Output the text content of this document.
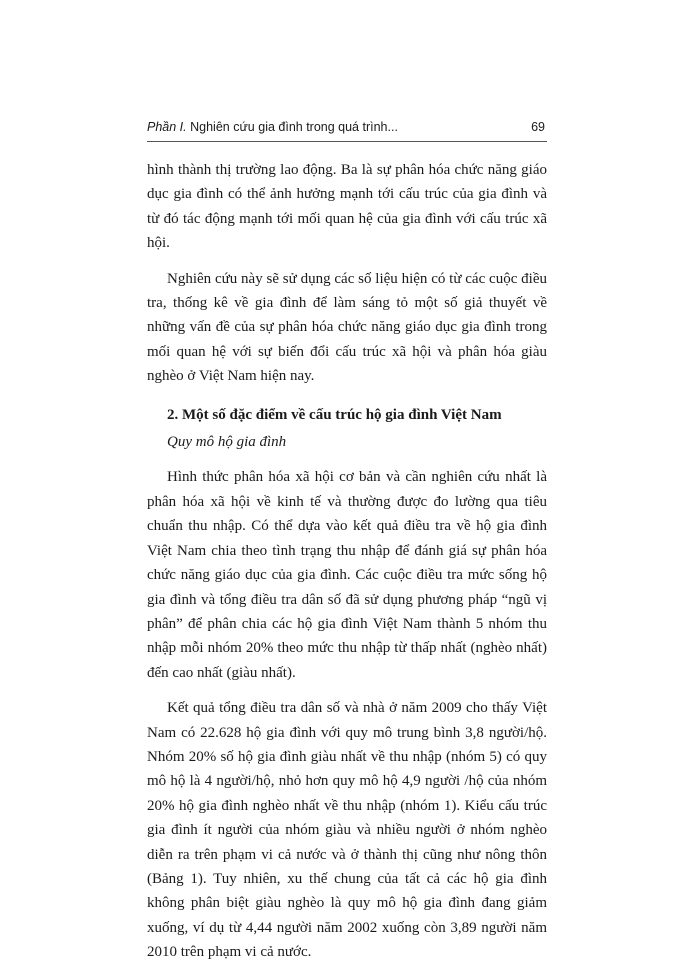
Phần I. Nghiên cứu gia đình trong quá trình...	69

hình thành thị trường lao động. Ba là sự phân hóa chức năng giáo dục gia đình có thể ảnh hưởng mạnh tới cấu trúc của gia đình và từ đó tác động mạnh tới mối quan hệ của gia đình với cấu trúc xã hội.

Nghiên cứu này sẽ sử dụng các số liệu hiện có từ các cuộc điều tra, thống kê về gia đình để làm sáng tỏ một số giả thuyết về những vấn đề của sự phân hóa chức năng giáo dục gia đình trong mối quan hệ với sự biến đổi cấu trúc xã hội và phân hóa giàu nghèo ở Việt Nam hiện nay.

2. Một số đặc điểm về cấu trúc hộ gia đình Việt Nam

Quy mô hộ gia đình

Hình thức phân hóa xã hội cơ bản và cần nghiên cứu nhất là phân hóa xã hội về kinh tế và thường được đo lường qua tiêu chuẩn thu nhập. Có thể dựa vào kết quả điều tra về hộ gia đình Việt Nam chia theo tình trạng thu nhập để đánh giá sự phân hóa chức năng giáo dục của gia đình. Các cuộc điều tra mức sống hộ gia đình và tổng điều tra dân số đã sử dụng phương pháp “ngũ vị phân” để phân chia các hộ gia đình Việt Nam thành 5 nhóm thu nhập mỗi nhóm 20% theo mức thu nhập từ thấp nhất (nghèo nhất) đến cao nhất (giàu nhất).

Kết quả tổng điều tra dân số và nhà ở năm 2009 cho thấy Việt Nam có 22.628 hộ gia đình với quy mô trung bình 3,8 người/hộ. Nhóm 20% số hộ gia đình giàu nhất về thu nhập (nhóm 5) có quy mô hộ là 4 người/hộ, nhỏ hơn quy mô hộ 4,9 người /hộ của nhóm 20% hộ gia đình nghèo nhất về thu nhập (nhóm 1). Kiểu cấu trúc gia đình ít người của nhóm giàu và nhiều người ở nhóm nghèo diễn ra trên phạm vi cả nước và ở thành thị cũng như nông thôn (Bảng 1). Tuy nhiên, xu thế chung của tất cả các hộ gia đình không phân biệt giàu nghèo là quy mô hộ gia đình đang giảm xuống, ví dụ từ 4,44 người năm 2002 xuống còn 3,89 người năm 2010 trên phạm vi cả nước.
